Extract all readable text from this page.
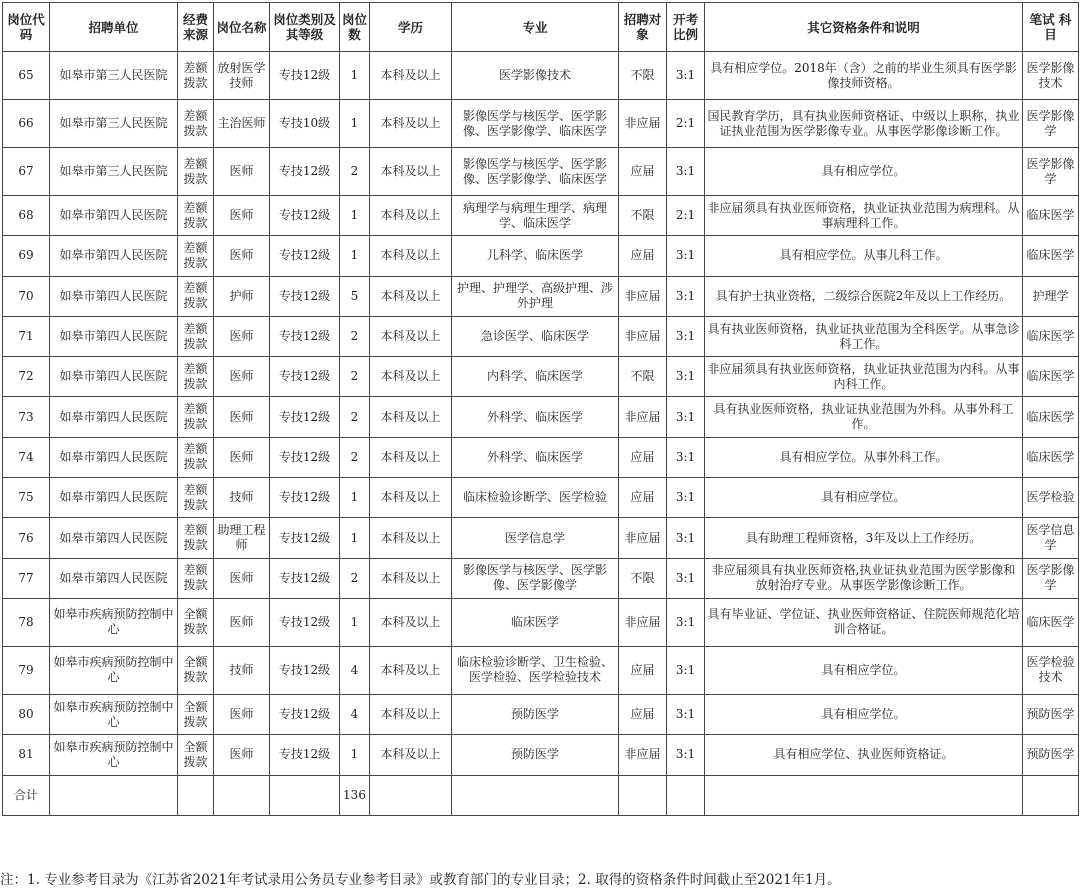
岗位代码	招聘单位	经费来源	岗位名称	岗位类别及其等级	岗位数	学历	专业	招聘对象	开考比例	其它资格条件和说明	笔试 科目
65	如皋市第三人民医院	差额拨款	放射医学技师	专技12级	1	本科及以上	医学影像技术	不限	3:1	具有相应学位。2018年（含）之前的毕业生须具有医学影像技师资格。	医学影像技术
66	如皋市第三人民医院	差额拨款	主治医师	专技10级	1	本科及以上	影像医学与核医学、医学影像、医学影像学、临床医学	非应届	2:1	国民教育学历，具有执业医师资格证、中级以上职称，执业证执业范围为医学影像专业。从事医学影像诊断工作。	医学影像学
67	如皋市第三人民医院	差额拨款	医师	专技12级	2	本科及以上	影像医学与核医学、医学影像、医学影像学、临床医学	应届	3:1	具有相应学位。	医学影像学
68	如皋市第四人民医院	差额拨款	医师	专技12级	1	本科及以上	病理学与病理生理学、病理学、临床医学	不限	2:1	非应届须具有执业医师资格，执业证执业范围为病理科。从事病理科工作。	临床医学
69	如皋市第四人民医院	差额拨款	医师	专技12级	1	本科及以上	儿科学、临床医学	应届	3:1	具有相应学位。从事儿科工作。	临床医学
70	如皋市第四人民医院	差额拨款	护师	专技12级	5	本科及以上	护理、护理学、高级护理、涉外护理	非应届	3:1	具有护士执业资格，二级综合医院2年及以上工作经历。	护理学
71	如皋市第四人民医院	差额拨款	医师	专技12级	2	本科及以上	急诊医学、临床医学	非应届	3:1	具有执业医师资格，执业证执业范围为全科医学。从事急诊科工作。	临床医学
72	如皋市第四人民医院	差额拨款	医师	专技12级	2	本科及以上	内科学、临床医学	不限	3:1	非应届须具有执业医师资格，执业证执业范围为内科。从事内科工作。	临床医学
73	如皋市第四人民医院	差额拨款	医师	专技12级	2	本科及以上	外科学、临床医学	非应届	3:1	具有执业医师资格，执业证执业范围为外科。从事外科工作。	临床医学
74	如皋市第四人民医院	差额拨款	医师	专技12级	2	本科及以上	外科学、临床医学	应届	3:1	具有相应学位。从事外科工作。	临床医学
75	如皋市第四人民医院	差额拨款	技师	专技12级	1	本科及以上	临床检验诊断学、医学检验	应届	3:1	具有相应学位。	医学检验
76	如皋市第四人民医院	差额拨款	助理工程师	专技12级	1	本科及以上	医学信息学	非应届	3:1	具有助理工程师资格，3年及以上工作经历。	医学信息学
77	如皋市第四人民医院	差额拨款	医师	专技12级	2	本科及以上	影像医学与核医学、医学影像、医学影像学	不限	3:1	非应届须具有执业医师资格,执业证执业范围为医学影像和放射治疗专业。从事医学影像诊断工作。	医学影像学
78	如皋市疾病预防控制中心	全额拨款	医师	专技12级	1	本科及以上	临床医学	非应届	3:1	具有毕业证、学位证、执业医师资格证、住院医师规范化培训合格证。	临床医学
79	如皋市疾病预防控制中心	全额拨款	技师	专技12级	4	本科及以上	临床检验诊断学、卫生检验、医学检验、医学检验技术	应届	3:1	具有相应学位。	医学检验技术
80	如皋市疾病预防控制中心	全额拨款	医师	专技12级	4	本科及以上	预防医学	应届	3:1	具有相应学位。	预防医学
81	如皋市疾病预防控制中心	全额拨款	医师	专技12级	1	本科及以上	预防医学	非应届	3:1	具有相应学位、执业医师资格证。	预防医学
合计					136						
注：1. 专业参考目录为《江苏省2021年考试录用公务员专业参考目录》或教育部门的专业目录；2. 取得的资格条件时间截止至2021年1月。
